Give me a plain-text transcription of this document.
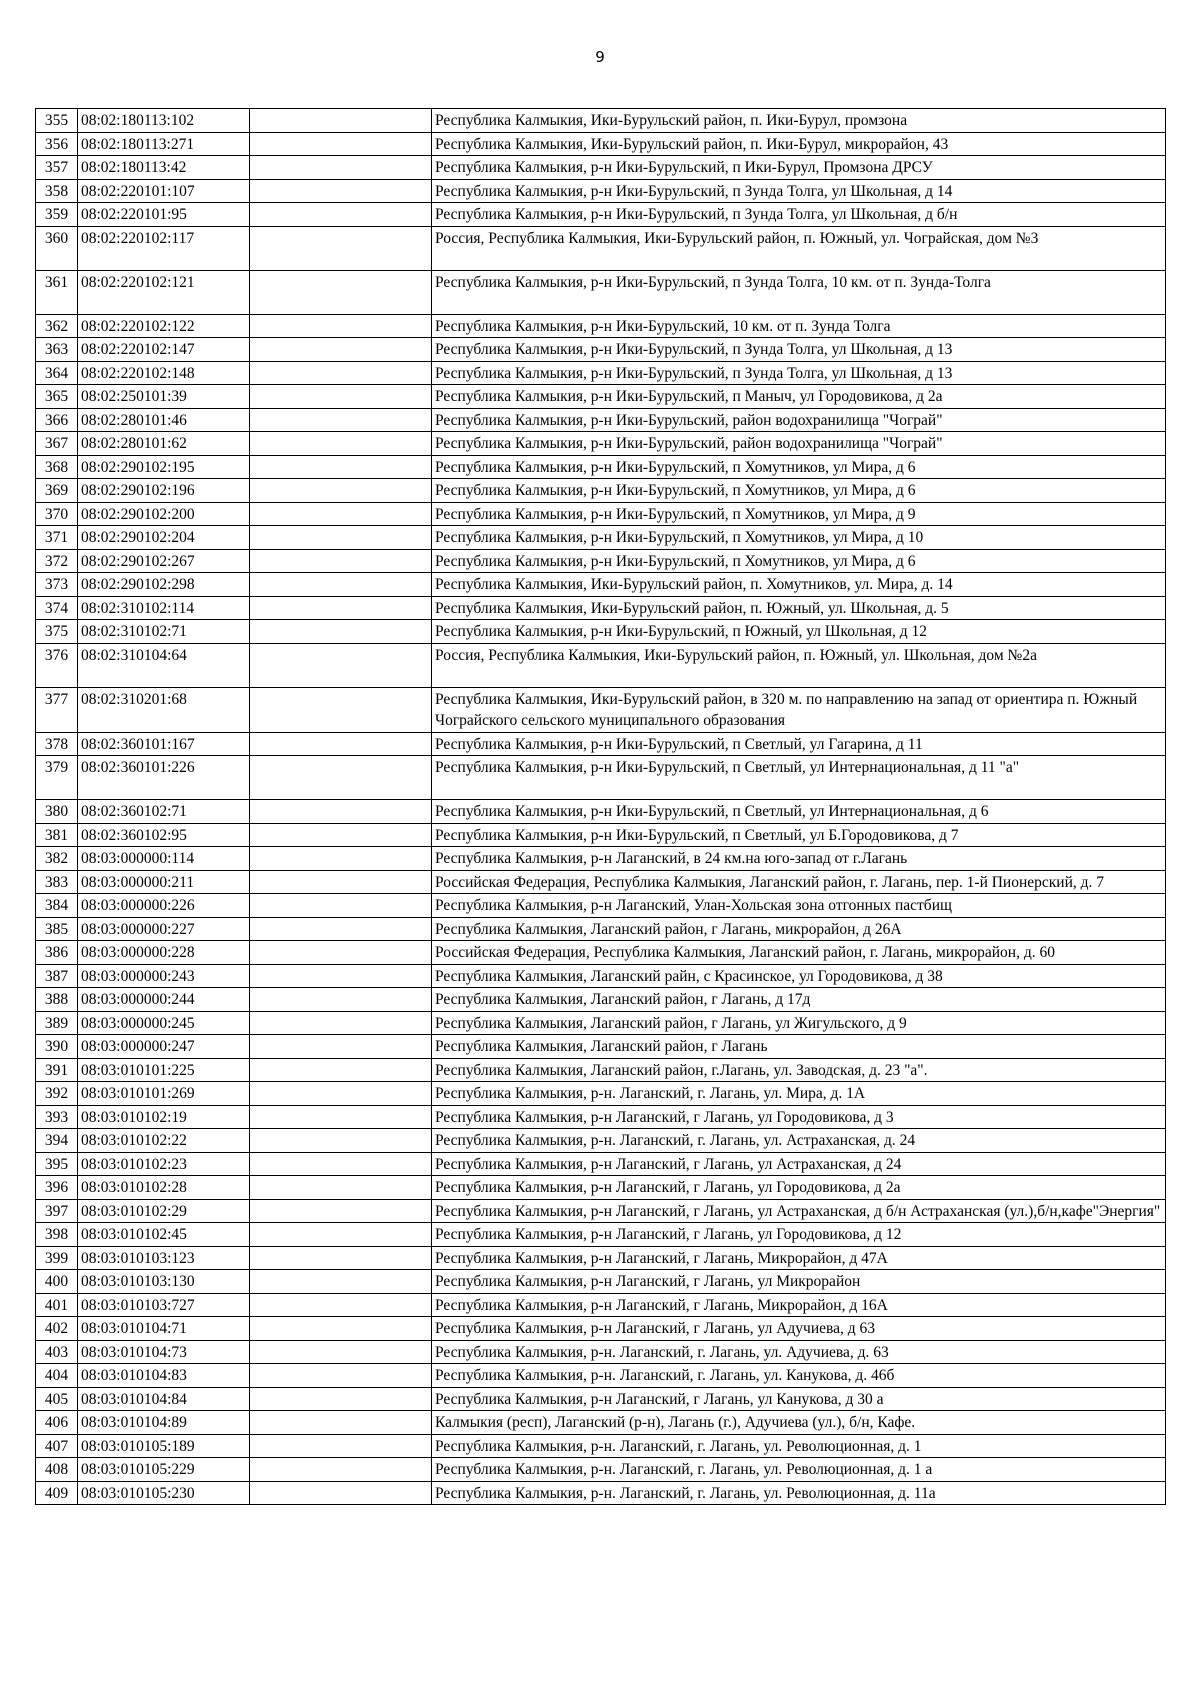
9
355	08:02:180113:102		Республика Калмыкия, Ики-Бурульский район, п. Ики-Бурул, промзона
356	08:02:180113:271		Республика Калмыкия, Ики-Бурульский район, п. Ики-Бурул, микрорайон, 43
357	08:02:180113:42		Республика Калмыкия, р-н Ики-Бурульский, п Ики-Бурул, Промзона ДРСУ
358	08:02:220101:107		Республика Калмыкия, р-н Ики-Бурульский, п Зунда Толга, ул Школьная, д 14
359	08:02:220101:95		Республика Калмыкия, р-н Ики-Бурульский, п Зунда Толга, ул Школьная, д б/н
360	08:02:220102:117		Россия, Республика Калмыкия, Ики-Бурульский район, п. Южный, ул. Чограйская, дом №3
361	08:02:220102:121		Республика Калмыкия, р-н Ики-Бурульский, п Зунда Толга, 10 км. от п. Зунда-Толга
362	08:02:220102:122		Республика Калмыкия, р-н Ики-Бурульский, 10 км. от п. Зунда Толга
363	08:02:220102:147		Республика Калмыкия, р-н Ики-Бурульский, п Зунда Толга, ул Школьная, д 13
364	08:02:220102:148		Республика Калмыкия, р-н Ики-Бурульский, п Зунда Толга, ул Школьная, д 13
365	08:02:250101:39		Республика Калмыкия, р-н Ики-Бурульский, п Маныч, ул Городовикова, д 2а
366	08:02:280101:46		Республика Калмыкия, р-н Ики-Бурульский, район водохранилища "Чограй"
367	08:02:280101:62		Республика Калмыкия, р-н Ики-Бурульский, район водохранилища "Чограй"
368	08:02:290102:195		Республика Калмыкия, р-н Ики-Бурульский, п Хомутников, ул Мира, д 6
369	08:02:290102:196		Республика Калмыкия, р-н Ики-Бурульский, п Хомутников, ул Мира, д 6
370	08:02:290102:200		Республика Калмыкия, р-н Ики-Бурульский, п Хомутников, ул Мира, д 9
371	08:02:290102:204		Республика Калмыкия, р-н Ики-Бурульский, п Хомутников, ул Мира, д 10
372	08:02:290102:267		Республика Калмыкия, р-н Ики-Бурульский, п Хомутников, ул Мира, д 6
373	08:02:290102:298		Республика Калмыкия, Ики-Бурульский район, п. Хомутников, ул. Мира, д. 14
374	08:02:310102:114		Республика Калмыкия, Ики-Бурульский район, п. Южный, ул. Школьная, д. 5
375	08:02:310102:71		Республика Калмыкия, р-н Ики-Бурульский, п Южный, ул Школьная, д 12
376	08:02:310104:64		Россия, Республика Калмыкия, Ики-Бурульский район, п. Южный, ул. Школьная, дом №2а
377	08:02:310201:68		Республика Калмыкия, Ики-Бурульский район, в 320 м. по направлению на запад от ориентира п. Южный Чограйского сельского муниципального образования
378	08:02:360101:167		Республика Калмыкия, р-н Ики-Бурульский, п Светлый, ул Гагарина, д 11
379	08:02:360101:226		Республика Калмыкия, р-н Ики-Бурульский, п Светлый, ул Интернациональная, д 11 "а"
380	08:02:360102:71		Республика Калмыкия, р-н Ики-Бурульский, п Светлый, ул Интернациональная, д 6
381	08:02:360102:95		Республика Калмыкия, р-н Ики-Бурульский, п Светлый, ул Б.Городовикова, д 7
382	08:03:000000:114		Республика Калмыкия, р-н Лаганский, в 24 км.на юго-запад от г.Лагань
383	08:03:000000:211		Российская Федерация, Республика Калмыкия, Лаганский район, г. Лагань, пер. 1-й Пионерский, д. 7
384	08:03:000000:226		Республика Калмыкия, р-н Лаганский, Улан-Хольская зона отгонных пастбищ
385	08:03:000000:227		Республика Калмыкия, Лаганский район, г Лагань, микрорайон, д 26А
386	08:03:000000:228		Российская Федерация, Республика Калмыкия, Лаганский район, г. Лагань, микрорайон, д. 60
387	08:03:000000:243		Республика Калмыкия, Лаганский райн, с Красинское, ул Городовикова, д 38
388	08:03:000000:244		Республика Калмыкия, Лаганский район, г Лагань, д 17д
389	08:03:000000:245		Республика Калмыкия, Лаганский район, г Лагань, ул Жигульского, д 9
390	08:03:000000:247		Республика Калмыкия, Лаганский район, г Лагань
391	08:03:010101:225		Республика Калмыкия, Лаганский район, г.Лагань, ул. Заводская, д. 23 "а".
392	08:03:010101:269		Республика Калмыкия, р-н. Лаганский, г. Лагань, ул. Мира, д. 1А
393	08:03:010102:19		Республика Калмыкия, р-н Лаганский, г Лагань, ул Городовикова, д 3
394	08:03:010102:22		Республика Калмыкия, р-н. Лаганский, г. Лагань, ул. Астраханская, д. 24
395	08:03:010102:23		Республика Калмыкия, р-н Лаганский, г Лагань, ул Астраханская, д 24
396	08:03:010102:28		Республика Калмыкия, р-н Лаганский, г Лагань, ул Городовикова, д 2а
397	08:03:010102:29		Республика Калмыкия, р-н Лаганский, г Лагань, ул Астраханская, д б/н Астраханская (ул.),б/н,кафе"Энергия"
398	08:03:010102:45		Республика Калмыкия, р-н Лаганский, г Лагань, ул Городовикова, д 12
399	08:03:010103:123		Республика Калмыкия, р-н Лаганский, г Лагань, Микрорайон, д 47А
400	08:03:010103:130		Республика Калмыкия, р-н Лаганский, г Лагань, ул Микрорайон
401	08:03:010103:727		Республика Калмыкия, р-н Лаганский, г Лагань, Микрорайон, д 16А
402	08:03:010104:71		Республика Калмыкия, р-н Лаганский, г Лагань, ул Адучиева, д 63
403	08:03:010104:73		Республика Калмыкия, р-н. Лаганский, г. Лагань, ул. Адучиева, д. 63
404	08:03:010104:83		Республика Калмыкия, р-н. Лаганский, г. Лагань, ул. Канукова, д. 46б
405	08:03:010104:84		Республика Калмыкия, р-н Лаганский, г Лагань, ул Канукова, д 30 а
406	08:03:010104:89		Калмыкия (респ), Лаганский (р-н), Лагань (г.), Адучиева (ул.), б/н, Кафе.
407	08:03:010105:189		Республика Калмыкия, р-н. Лаганский, г. Лагань, ул. Революционная, д. 1
408	08:03:010105:229		Республика Калмыкия, р-н. Лаганский, г. Лагань, ул. Революционная, д. 1 а
409	08:03:010105:230		Республика Калмыкия, р-н. Лаганский, г. Лагань, ул. Революционная, д. 11а
